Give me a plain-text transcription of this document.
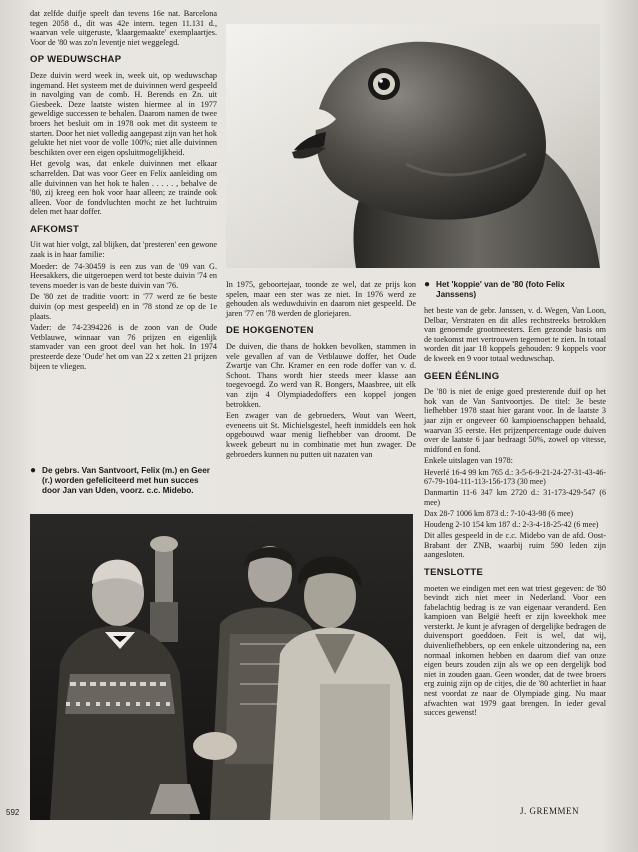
dat zelfde duifje speelt dan tevens 16e nat. Barcelona tegen 2058 d., dit was 42e intern. tegen 11.131 d., waarvan vele uitgeruste, 'klaargemaakte' exemplaartjes. Voor de '80 was zo'n leventje niet weggelegd.

OP WEDUWSCHAP

Deze duivin werd week in, week uit, op weduwschap ingemand. Het systeem met de duivinnen werd gespeeld in navolging van de comb. H. Berends en Zn. uit Giesbeek. Deze laatste wisten hiermee al in 1977 geweldige successen te behalen. Daarom namen de twee broers het besluit om in 1978 ook met dit systeem te starten. Door het niet volledig aangepast zijn van het hok gelukte het niet voor de volle 100%; niet alle duivinnen beschikten over een eigen opsluitmogelijkheid.

Het gevolg was, dat enkele duivinnen met elkaar scharrelden. Dat was voor Geer en Felix aanleiding om alle duivinnen van het hok te halen . . . . . , behalve de '80, zij kreeg een hok voor haar alleen; ze trainde ook alleen. Voor de fondvluchten mocht ze het luchtruim delen met haar doffer.

AFKOMST

Uit wat hier volgt, zal blijken, dat 'presteren' een gewone zaak is in haar familie:

Moeder: de 74-30459 is een zus van de '09 van G. Heesakkers, die uitgeroepen werd tot beste duivin '74 en tevens moeder is van de beste duivin van '76.

De '80 zet de traditie voort: in '77 werd ze 6e beste duivin (op mest gespeeld) en in '78 stond ze op de 1e plaats.

Vader: de 74-2394226 is de zoon van de Oude Vetblauwe, winnaar van 76 prijzen en eigenlijk stamvader van een groot deel van het hok. In 1974 presteerde deze 'Oude' het om van 22 x zetten 21 prijzen bijeen te vliegen.

● De gebrs. Van Santvoort, Felix (m.) en Geer (r.) worden gefeliciteerd met hun succes door Jan van Uden, voorz. c.c. Midebo.

In 1975, geboortejaar, toonde ze wel, dat ze prijs kon spelen, maar een ster was ze niet. In 1976 werd ze gehouden als weduwduivin en daarom niet gespeeld. De jaren '77 en '78 werden de gloriejaren.

DE HOKGENOTEN

De duiven, die thans de hokken bevolken, stammen in vele gevallen af van de Vetblauwe doffer, het Oude Zwartje van Chr. Kramer en een rode doffer van v. d. Schoot. Thans wordt hier steeds meer klasse aan toegevoegd. Zo werd van R. Bongers, Maasbree, uit elk van zijn 4 Olympiadedoffers een koppel jongen betrokken.

Een zwager van de gebroeders, Wout van Weert, eveneens uit St. Michielsgestel, heeft inmiddels een hok opgebouwd waar menig liefhebber van droomt. De kweek gebeurt nu in combinatie met hun zwager. De gebroeders kunnen nu putten uit nazaten van

● Het 'koppie' van de '80 (foto Felix Janssens)

het beste van de gebr. Janssen, v. d. Wegen, Van Loon, Delbar, Verstraten en dit alles rechtstreeks betrokken van genoemde grootmeesters. Een gezonde basis om de toekomst met vertrouwen tegemoet te zien. In totaal worden dit jaar 18 koppels gehouden: 9 koppels voor de kweek en 9 voor totaal weduwschap.

GEEN ÉÉNLING

De '80 is niet de enige goed presterende duif op het hok van de Van Santvoortjes. De titel: 3e beste liefhebber 1978 staat hier garant voor. In de laatste 3 jaar zijn er ongeveer 60 kampioenschappen behaald, waarvan 35 eerste. Het prijzenpercentage oude duiven over de laatste 6 jaar bedraagt 50%, zowel op vitesse, midfond en fond.

Enkele uitslagen van 1978:

Heverlé 16-4 99 km 765 d.: 3-5-6-9-21-24-27-31-43-46-67-79-104-111-113-156-173 (30 mee)

Danmartin 11-6 347 km 2720 d.: 31-173-429-547 (6 mee)

Dax 28-7 1006 km 873 d.: 7-10-43-98 (6 mee)

Houdeng 2-10 154 km 187 d.: 2-3-4-18-25-42 (6 mee)

Dit alles gespeeld in de c.c. Midebo van de afd. Oost-Brabant der ZNB, waarbij ruim 590 leden zijn aangesloten.

TENSLOTTE

moeten we eindigen met een wat triest gegeven: de '80 bevindt zich niet meer in Nederland. Voor een fabelachtig bedrag is ze van eigenaar veranderd. Een kampioen van België heeft er zijn kweekhok mee versterkt. Je kunt je afvragen of dergelijke bedragen de duivensport goeddoen. Feit is wel, dat wij, duivenliefhebbers, op een enkele uitzondering na, een normaal inkomen hebben en daarom dief van onze eigen beurs zouden zijn als we op een dergelijk bod niet in zouden gaan. Geen wonder, dat de twee broers erg zuinig zijn op de citjes, die de '80 achterliet in haar nest voordat ze naar de Olympiade ging. Nu maar afwachten wat 1979 gaat brengen. In ieder geval succes gewenst!

592	J. GREMMEN
